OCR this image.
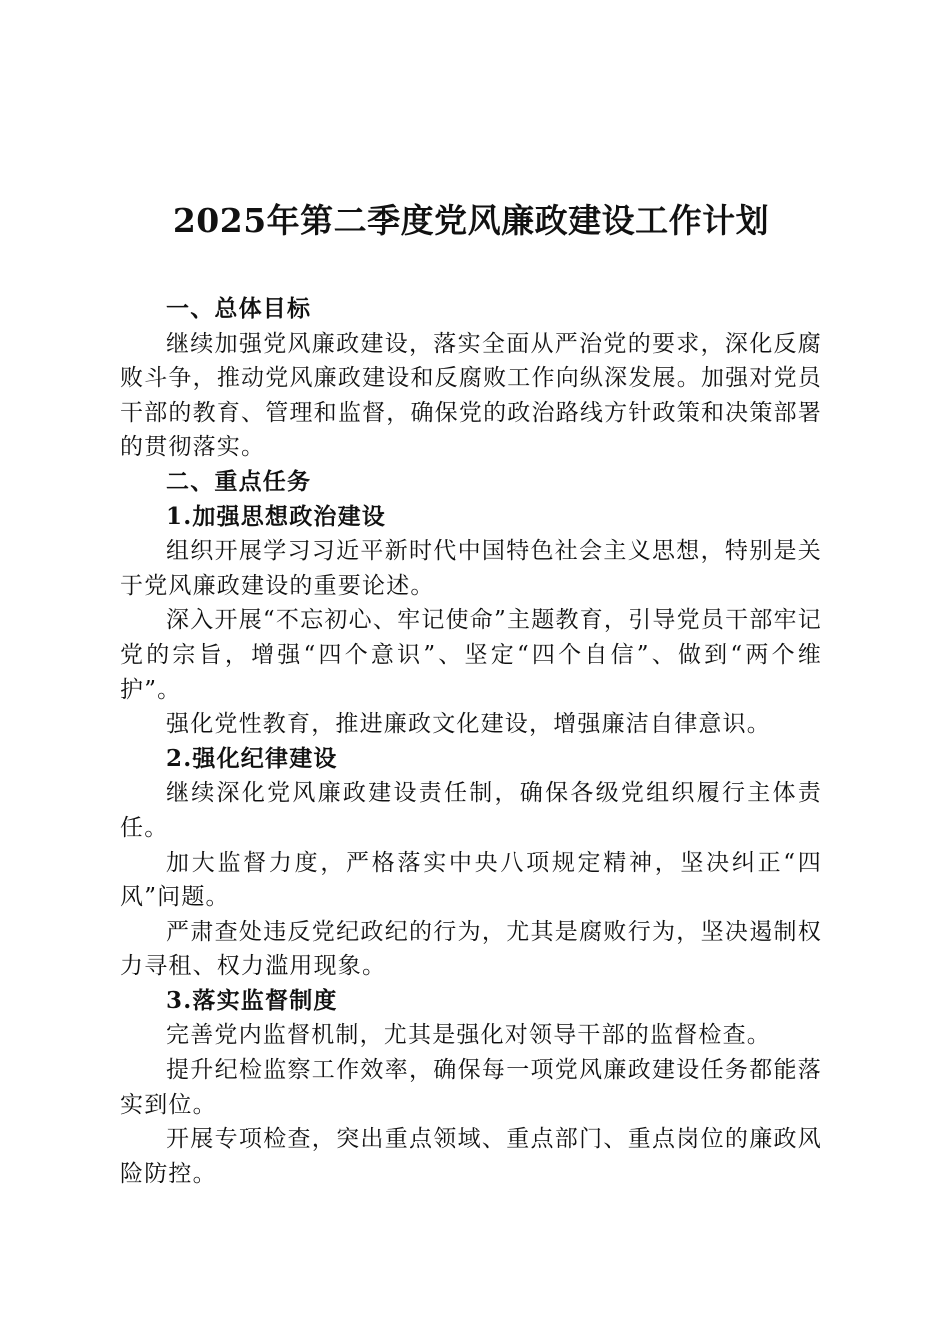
2025年第二季度党风廉政建设工作计划

一、总体目标

继续加强党风廉政建设，落实全面从严治党的要求，深化反腐败斗争，推动党风廉政建设和反腐败工作向纵深发展。加强对党员干部的教育、管理和监督，确保党的政治路线方针政策和决策部署的贯彻落实。

二、重点任务

1.加强思想政治建设

组织开展学习习近平新时代中国特色社会主义思想，特别是关于党风廉政建设的重要论述。

深入开展“不忘初心、牢记使命”主题教育，引导党员干部牢记党的宗旨，增强“四个意识”、坚定“四个自信”、做到“两个维护”。

强化党性教育，推进廉政文化建设，增强廉洁自律意识。

2.强化纪律建设

继续深化党风廉政建设责任制，确保各级党组织履行主体责任。

加大监督力度，严格落实中央八项规定精神，坚决纠正“四风”问题。

严肃查处违反党纪政纪的行为，尤其是腐败行为，坚决遏制权力寻租、权力滥用现象。

3.落实监督制度

完善党内监督机制，尤其是强化对领导干部的监督检查。

提升纪检监察工作效率，确保每一项党风廉政建设任务都能落实到位。

开展专项检查，突出重点领域、重点部门、重点岗位的廉政风险防控。
